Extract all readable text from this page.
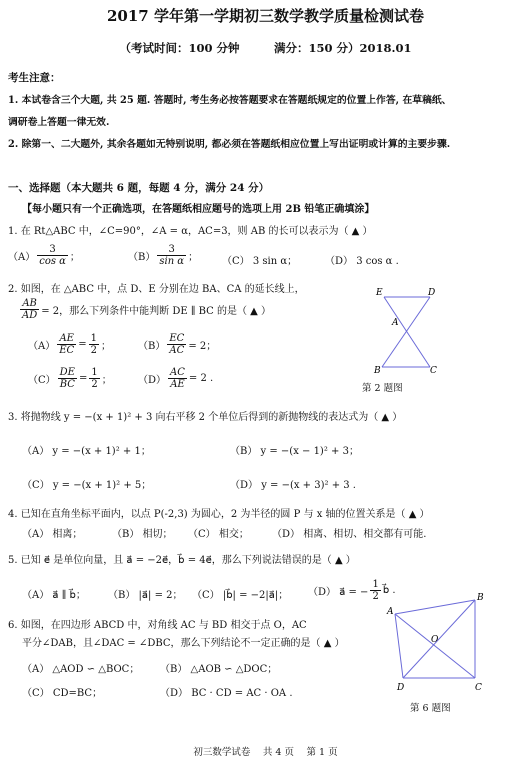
2017 学年第一学期初三数学教学质量检测试卷
（考试时间：100 分钟　　　满分：150 分）2018.01
考生注意：
1. 本试卷含三个大题, 共 25 题. 答题时, 考生务必按答题要求在答题纸规定的位置上作答, 在草稿纸、
调研卷上答题一律无效.
2. 除第一、二大题外, 其余各题如无特别说明, 都必须在答题纸相应位置上写出证明或计算的主要步骤.
一、选择题（本大题共 6 题，每题 4 分，满分 24 分）
【每小题只有一个正确选项，在答题纸相应题号的选项上用 2B 铅笔正确填涂】
1. 在 Rt△ABC 中，∠C=90°，∠A = α，AC=3，则 AB 的长可以表示为（ ▲ ）
$(A) \frac{3}{\text{cos α}}$ ；	$(B) \frac{3}{\text{sin α}}$ ； （C） 3 sin α；	（D） 3 cos α .
2. 如图，在 △ABC 中，点 D、E 分别在边 BA、CA 的延长线上，
$\frac{AB}{AD} = 2$，那么下列条件中能判断 DE ∥ BC 的是（ ▲ ）
$(A) \frac{AE}{EC} = \frac{1}{2}$ ；	$(B) \frac{EC}{AC} = 2$；
$(C) \frac{DE}{BC} = \frac{1}{2}$ ；	$(D) \frac{AC}{AE} = 2$ .
E	D
A
B	C
第 2 题图
3. 将抛物线 y = −(x + 1)² + 3 向右平移 2 个单位后得到的新抛物线的表达式为（ ▲ ）
（A） y = −(x + 1)² + 1；	（B） y = −(x − 1)² + 3；
（C） y = −(x + 1)² + 5；	（D） y = −(x + 3)² + 3 .
4. 已知在直角坐标平面内，以点 P(-2,3) 为圆心，2 为半径的圆 P 与 x 轴的位置关系是（ ▲ ）
（A） 相离；	（B） 相切； （C） 相交； （D） 相离、相切、相交都有可能.
5. 已知 e⃗ 是单位向量，且 a⃗ = −2e⃗，b⃗ = 4e⃗，那么下列说法错误的是（ ▲ ）
（A） a⃗ ∥ b⃗； （B） |a⃗| = 2； （C） |b⃗| = −2|a⃗|； （D） a⃗ = − $\frac{1}{2}$ b⃗ .
6. 如图，在四边形 ABCD 中，对角线 AC 与 BD 相交于点 O，AC
平分∠DAB，且∠DAC = ∠DBC，那么下列结论不一定正确的是（ ▲ ）
（A） △AOD ∽ △BOC； （B） △AOB ∽ △DOC；
（C） CD=BC；	（D） BC · CD = AC · OA .
A
B
O
D	C
第 6 题图
初三数学试卷　 共 4 页　 第 1 页
